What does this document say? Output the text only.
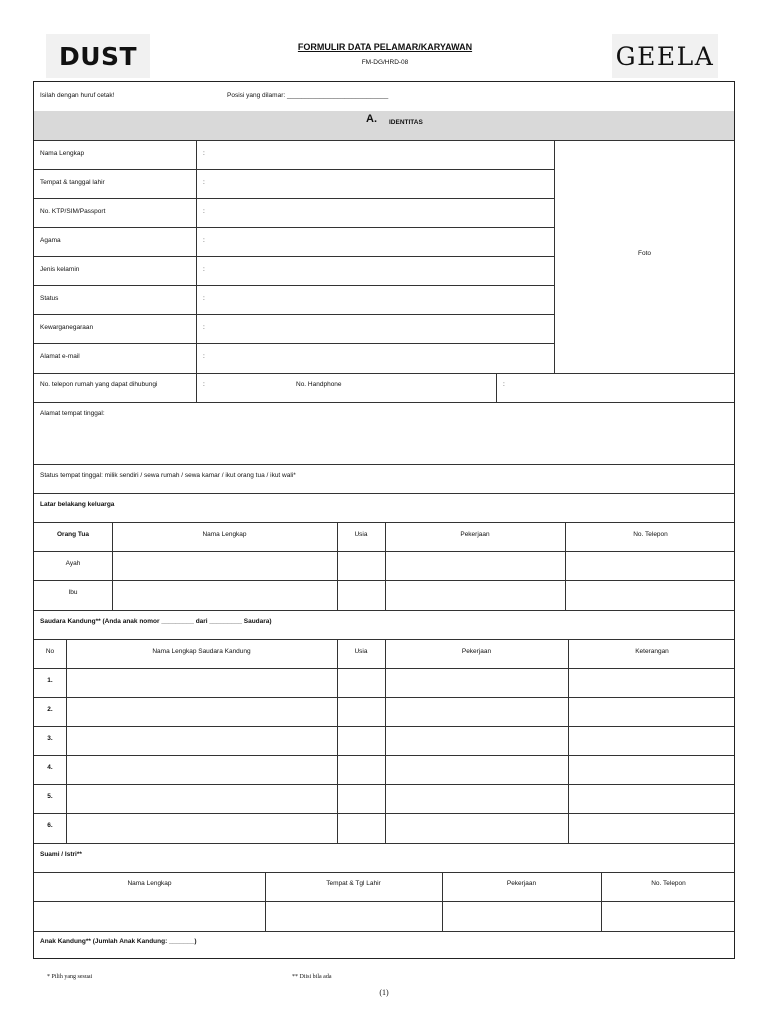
DUST	FORMULIR DATA PELAMAR/KARYAWAN
FM-DG/HRD-08	GEELA
Isilah dengan huruf cetak!	Posisi yang dilamar: ____________________________
A. IDENTITAS
Nama Lengkap	:
Tempat & tanggal lahir	:
No. KTP/SIM/Passport	:
Agama	:
Jenis kelamin	:
Status	:
Kewarganegaraan	:
Alamat e-mail	:
Foto
No. telepon rumah yang dapat dihubungi	:	No. Handphone	:
Alamat tempat tinggal:
Status tempat tinggal: milik sendiri / sewa rumah / sewa kamar / ikut orang tua / ikut wali*
Latar belakang keluarga
Orang Tua	Nama Lengkap	Usia	Pekerjaan	No. Telepon
Ayah
Ibu
Saudara Kandung** (Anda anak nomor _________ dari _________ Saudara)
No	Nama Lengkap Saudara Kandung	Usia	Pekerjaan	Keterangan
1.
2.
3.
4.
5.
6.
Suami / Istri**
Nama Lengkap	Tempat & Tgl Lahir	Pekerjaan	No. Telepon
Anak Kandung** (Jumlah Anak Kandung: _______)
* Pilih yang sesuai	** Diisi bila ada
(1)
